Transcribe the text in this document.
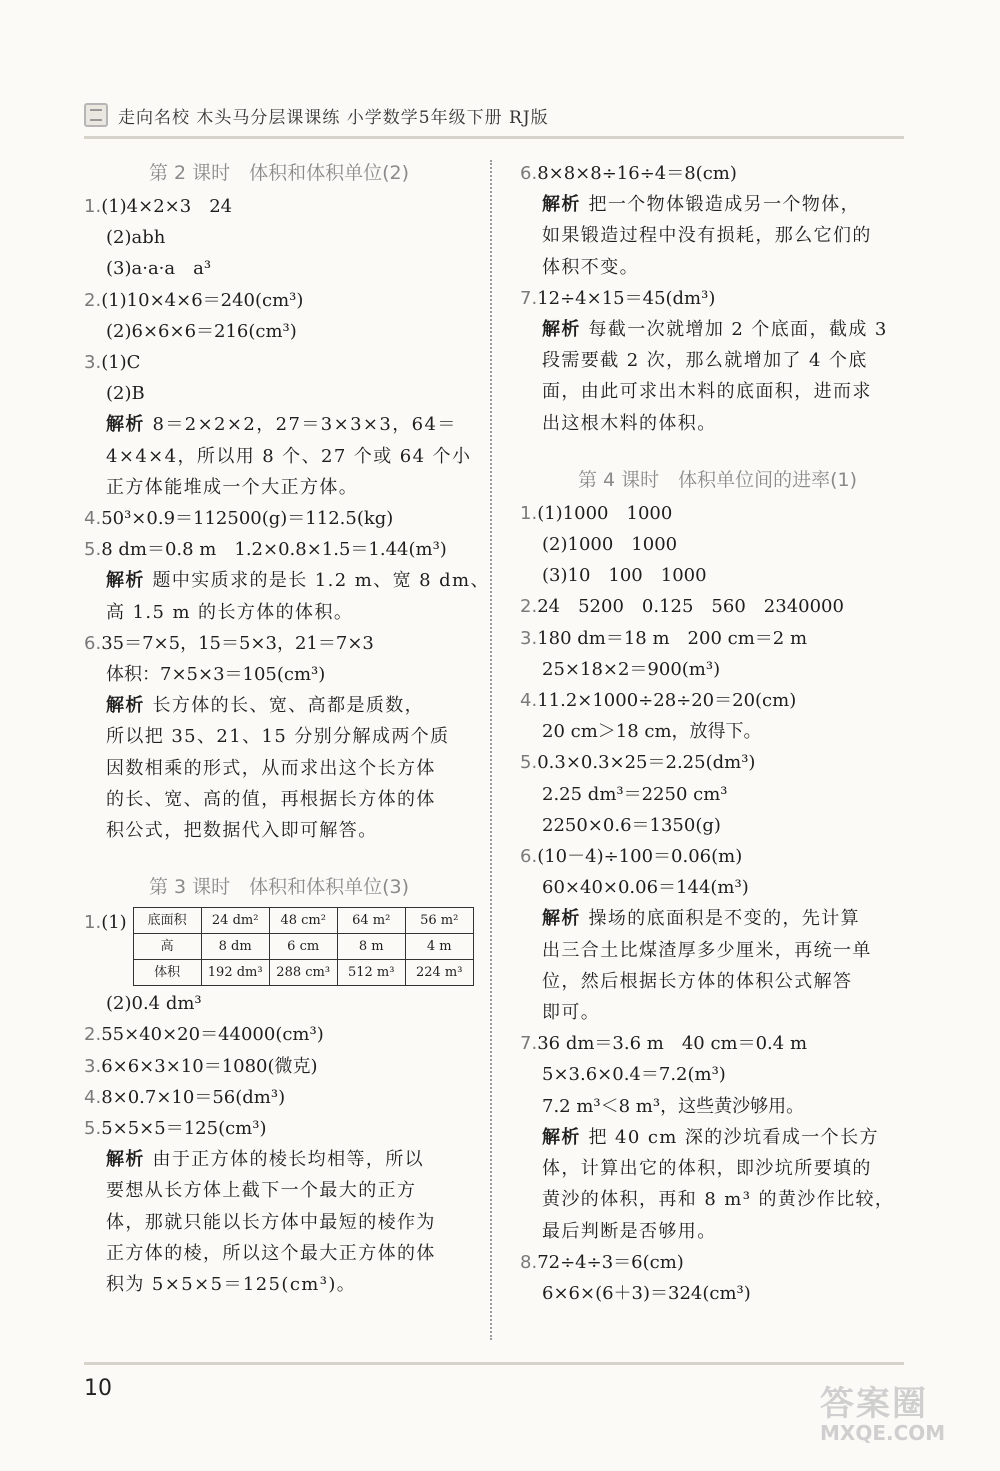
走向名校 木头马分层课课练 小学数学5年级下册 RJ版
第 2 课时　体积和体积单位(2)
1.(1)4×2×3　24
(2)abh
(3)a·a·a　a³
2.(1)10×4×6＝240(cm³)
(2)6×6×6＝216(cm³)
3.(1)C
(2)B
解析 8＝2×2×2，27＝3×3×3，64＝
4×4×4，所以用 8 个、27 个或 64 个小
正方体能堆成一个大正方体。
4.50³×0.9＝112500(g)＝112.5(kg)
5.8 dm＝0.8 m　1.2×0.8×1.5＝1.44(m³)
解析 题中实质求的是长 1.2 m、宽 8 dm、
高 1.5 m 的长方体的体积。
6.35＝7×5，15＝5×3，21＝7×3
体积：7×5×3＝105(cm³)
解析 长方体的长、宽、高都是质数，
所以把 35、21、15 分别分解成两个质
因数相乘的形式，从而求出这个长方体
的长、宽、高的值，再根据长方体的体
积公式，把数据代入即可解答。
第 3 课时　体积和体积单位(3)
1. (1) 底面积	24 dm²	48 cm²	64 m²	56 m²
高	8 dm	6 cm	8 m	4 m
体积	192 dm³	288 cm³	512 m³	224 m³
(2)0.4 dm³
2.55×40×20＝44000(cm³)
3.6×6×3×10＝1080(微克)
4.8×0.7×10＝56(dm³)
5.5×5×5＝125(cm³)
解析 由于正方体的棱长均相等，所以
要想从长方体上截下一个最大的正方
体，那就只能以长方体中最短的棱作为
正方体的棱，所以这个最大正方体的体
积为 5×5×5＝125(cm³)。
6.8×8×8÷16÷4＝8(cm)
解析 把一个物体锻造成另一个物体，
如果锻造过程中没有损耗，那么它们的
体积不变。
7.12÷4×15＝45(dm³)
解析 每截一次就增加 2 个底面，截成 3
段需要截 2 次，那么就增加了 4 个底
面，由此可求出木料的底面积，进而求
出这根木料的体积。
第 4 课时　体积单位间的进率(1)
1.(1)1000　1000
(2)1000　1000
(3)10　100　1000
2.24　5200　0.125　560　2340000
3.180 dm＝18 m　200 cm＝2 m
25×18×2＝900(m³)
4.11.2×1000÷28÷20＝20(cm)
20 cm＞18 cm，放得下。
5.0.3×0.3×25＝2.25(dm³)
2.25 dm³＝2250 cm³
2250×0.6＝1350(g)
6.(10－4)÷100＝0.06(m)
60×40×0.06＝144(m³)
解析 操场的底面积是不变的，先计算
出三合土比煤渣厚多少厘米，再统一单
位，然后根据长方体的体积公式解答
即可。
7.36 dm＝3.6 m　40 cm＝0.4 m
5×3.6×0.4＝7.2(m³)
7.2 m³＜8 m³，这些黄沙够用。
解析 把 40 cm 深的沙坑看成一个长方
体，计算出它的体积，即沙坑所要填的
黄沙的体积，再和 8 m³ 的黄沙作比较，
最后判断是否够用。
8.72÷4÷3＝6(cm)
6×6×(6＋3)＝324(cm³)
10	答案圈
MXQE.COM
